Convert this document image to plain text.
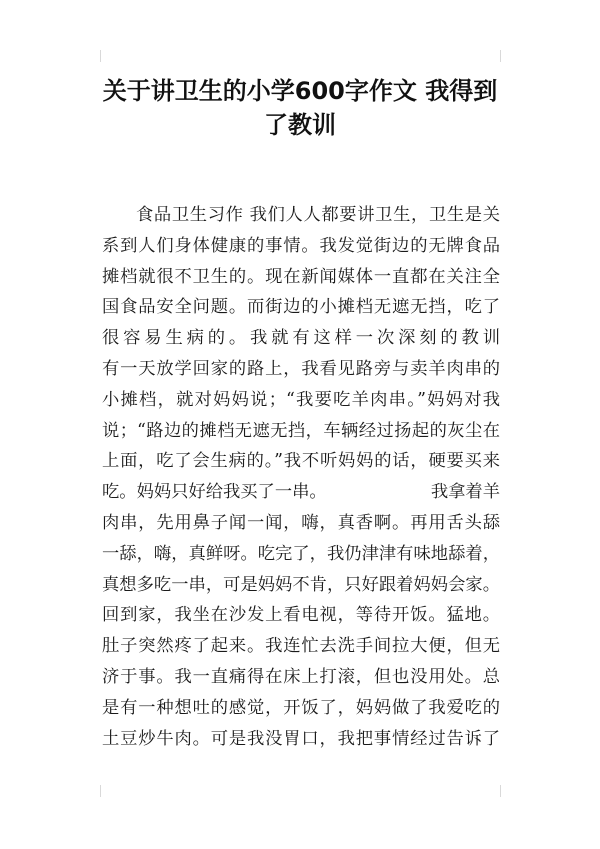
关于讲卫生的小学600字作文 我得到
了教训
食品卫生习作 我们人人都要讲卫生，卫生是关
系到人们身体健康的事情。我发觉街边的无牌食品
摊档就很不卫生的。现在新闻媒体一直都在关注全
国食品安全问题。而街边的小摊档无遮无挡，吃了
很容易生病的。我就有这样一次深刻的教训
有一天放学回家的路上，我看见路旁与卖羊肉串的
小摊档，就对妈妈说；“我要吃羊肉串。”妈妈对我
说；“路边的摊档无遮无挡，车辆经过扬起的灰尘在
上面，吃了会生病的。”我不听妈妈的话，硬要买来
吃。妈妈只好给我买了一串。	我拿着羊
肉串，先用鼻子闻一闻，嗨，真香啊。再用舌头舔
一舔，嗨，真鲜呀。吃完了，我仍津津有味地舔着，
真想多吃一串，可是妈妈不肯，只好跟着妈妈会家。
回到家，我坐在沙发上看电视，等待开饭。猛地。
肚子突然疼了起来。我连忙去洗手间拉大便，但无
济于事。我一直痛得在床上打滚，但也没用处。总
是有一种想吐的感觉，开饭了，妈妈做了我爱吃的
土豆炒牛肉。可是我没胃口，我把事情经过告诉了
